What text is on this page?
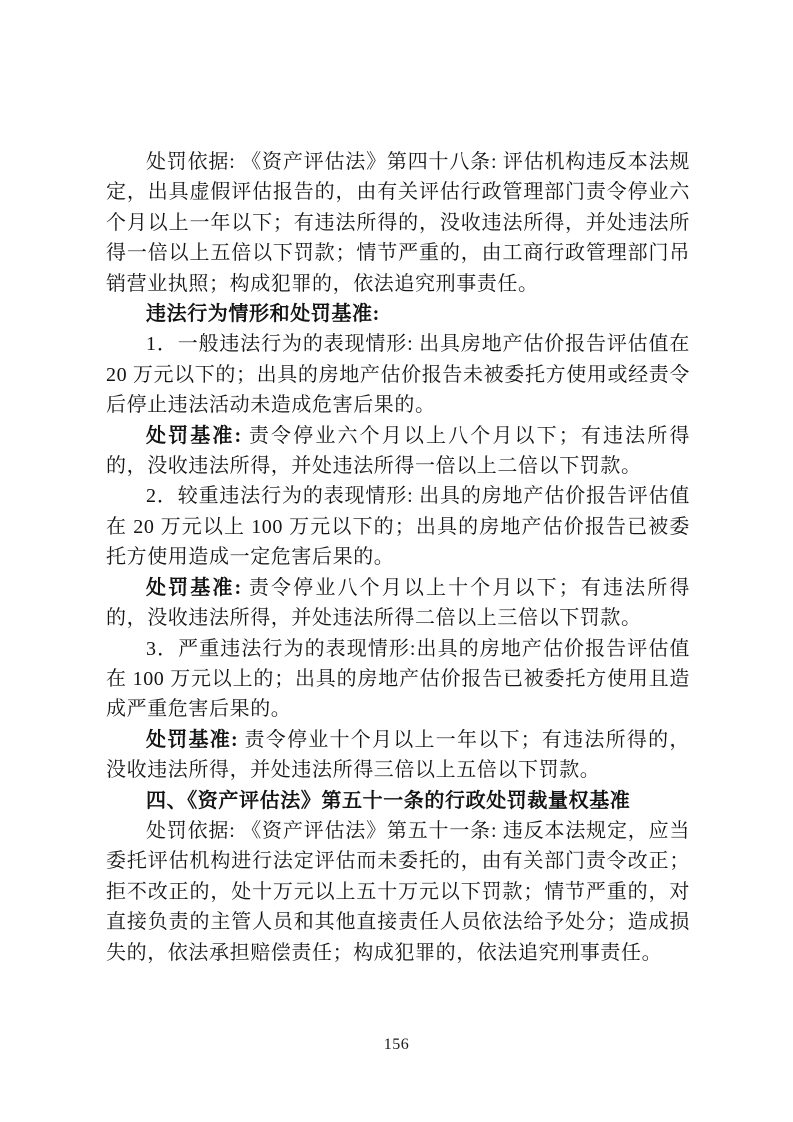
处罚依据: 《资产评估法》第四十八条: 评估机构违反本法规定，出具虚假评估报告的，由有关评估行政管理部门责令停业六个月以上一年以下；有违法所得的，没收违法所得，并处违法所得一倍以上五倍以下罚款；情节严重的，由工商行政管理部门吊销营业执照；构成犯罪的，依法追究刑事责任。

违法行为情形和处罚基准:

1．一般违法行为的表现情形: 出具房地产估价报告评估值在 20 万元以下的；出具的房地产估价报告未被委托方使用或经责令后停止违法活动未造成危害后果的。

处罚基准: 责令停业六个月以上八个月以下；有违法所得的，没收违法所得，并处违法所得一倍以上二倍以下罚款。

2．较重违法行为的表现情形: 出具的房地产估价报告评估值在 20 万元以上 100 万元以下的；出具的房地产估价报告已被委托方使用造成一定危害后果的。

处罚基准: 责令停业八个月以上十个月以下；有违法所得的，没收违法所得，并处违法所得二倍以上三倍以下罚款。

3．严重违法行为的表现情形:出具的房地产估价报告评估值在 100 万元以上的；出具的房地产估价报告已被委托方使用且造成严重危害后果的。

处罚基准: 责令停业十个月以上一年以下；有违法所得的，没收违法所得，并处违法所得三倍以上五倍以下罚款。

四、《资产评估法》第五十一条的行政处罚裁量权基准

处罚依据: 《资产评估法》第五十一条: 违反本法规定，应当委托评估机构进行法定评估而未委托的，由有关部门责令改正；拒不改正的，处十万元以上五十万元以下罚款；情节严重的，对直接负责的主管人员和其他直接责任人员依法给予处分；造成损失的，依法承担赔偿责任；构成犯罪的，依法追究刑事责任。

156
